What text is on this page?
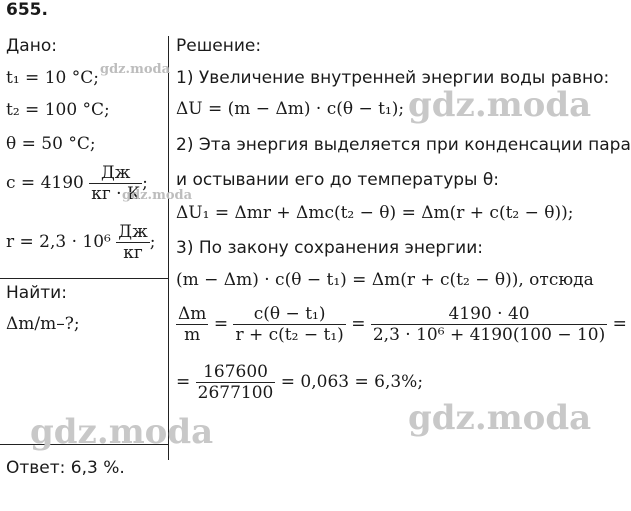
655.
Дано:
t₁ = 10 °C;
t₂ = 100 °C;
θ = 50 °C;
$c = 4190 \frac{Дж}{кг \cdot К}$ ;
$r = 2,3 \cdot 10^6 \frac{Дж}{кг}$ ;
Найти:
Δm/m–?;
Решение:
1) Увеличение внутренней энергии воды равно:
ΔU = (m − Δm) · c(θ − t₁);
2) Эта энергия выделяется при конденсации пара
и остывании его до температуры θ:
ΔU₁ = Δmr + Δmc(t₂ − θ) = Δm(r + c(t₂ − θ));
3) По закону сохранения энергии:
(m − Δm) · c(θ − t₁) = Δm(r + c(t₂ − θ)), отсюда
$\frac{\Delta m}{m} = \frac{\text{c(θ − t₁)}}{\text{r + c(t₂ − t₁)}} = \frac{4190 \cdot 40}{\text{2,3 · 10⁶ + 4190(100 − 10)}}$ =
= $\frac{167600}{2677100} = 0,063 = 6,3\%$;
Ответ: 6,3 %.
gdz.moda
gdz.moda
gdz.moda
gdz.moda	gdz.moda
